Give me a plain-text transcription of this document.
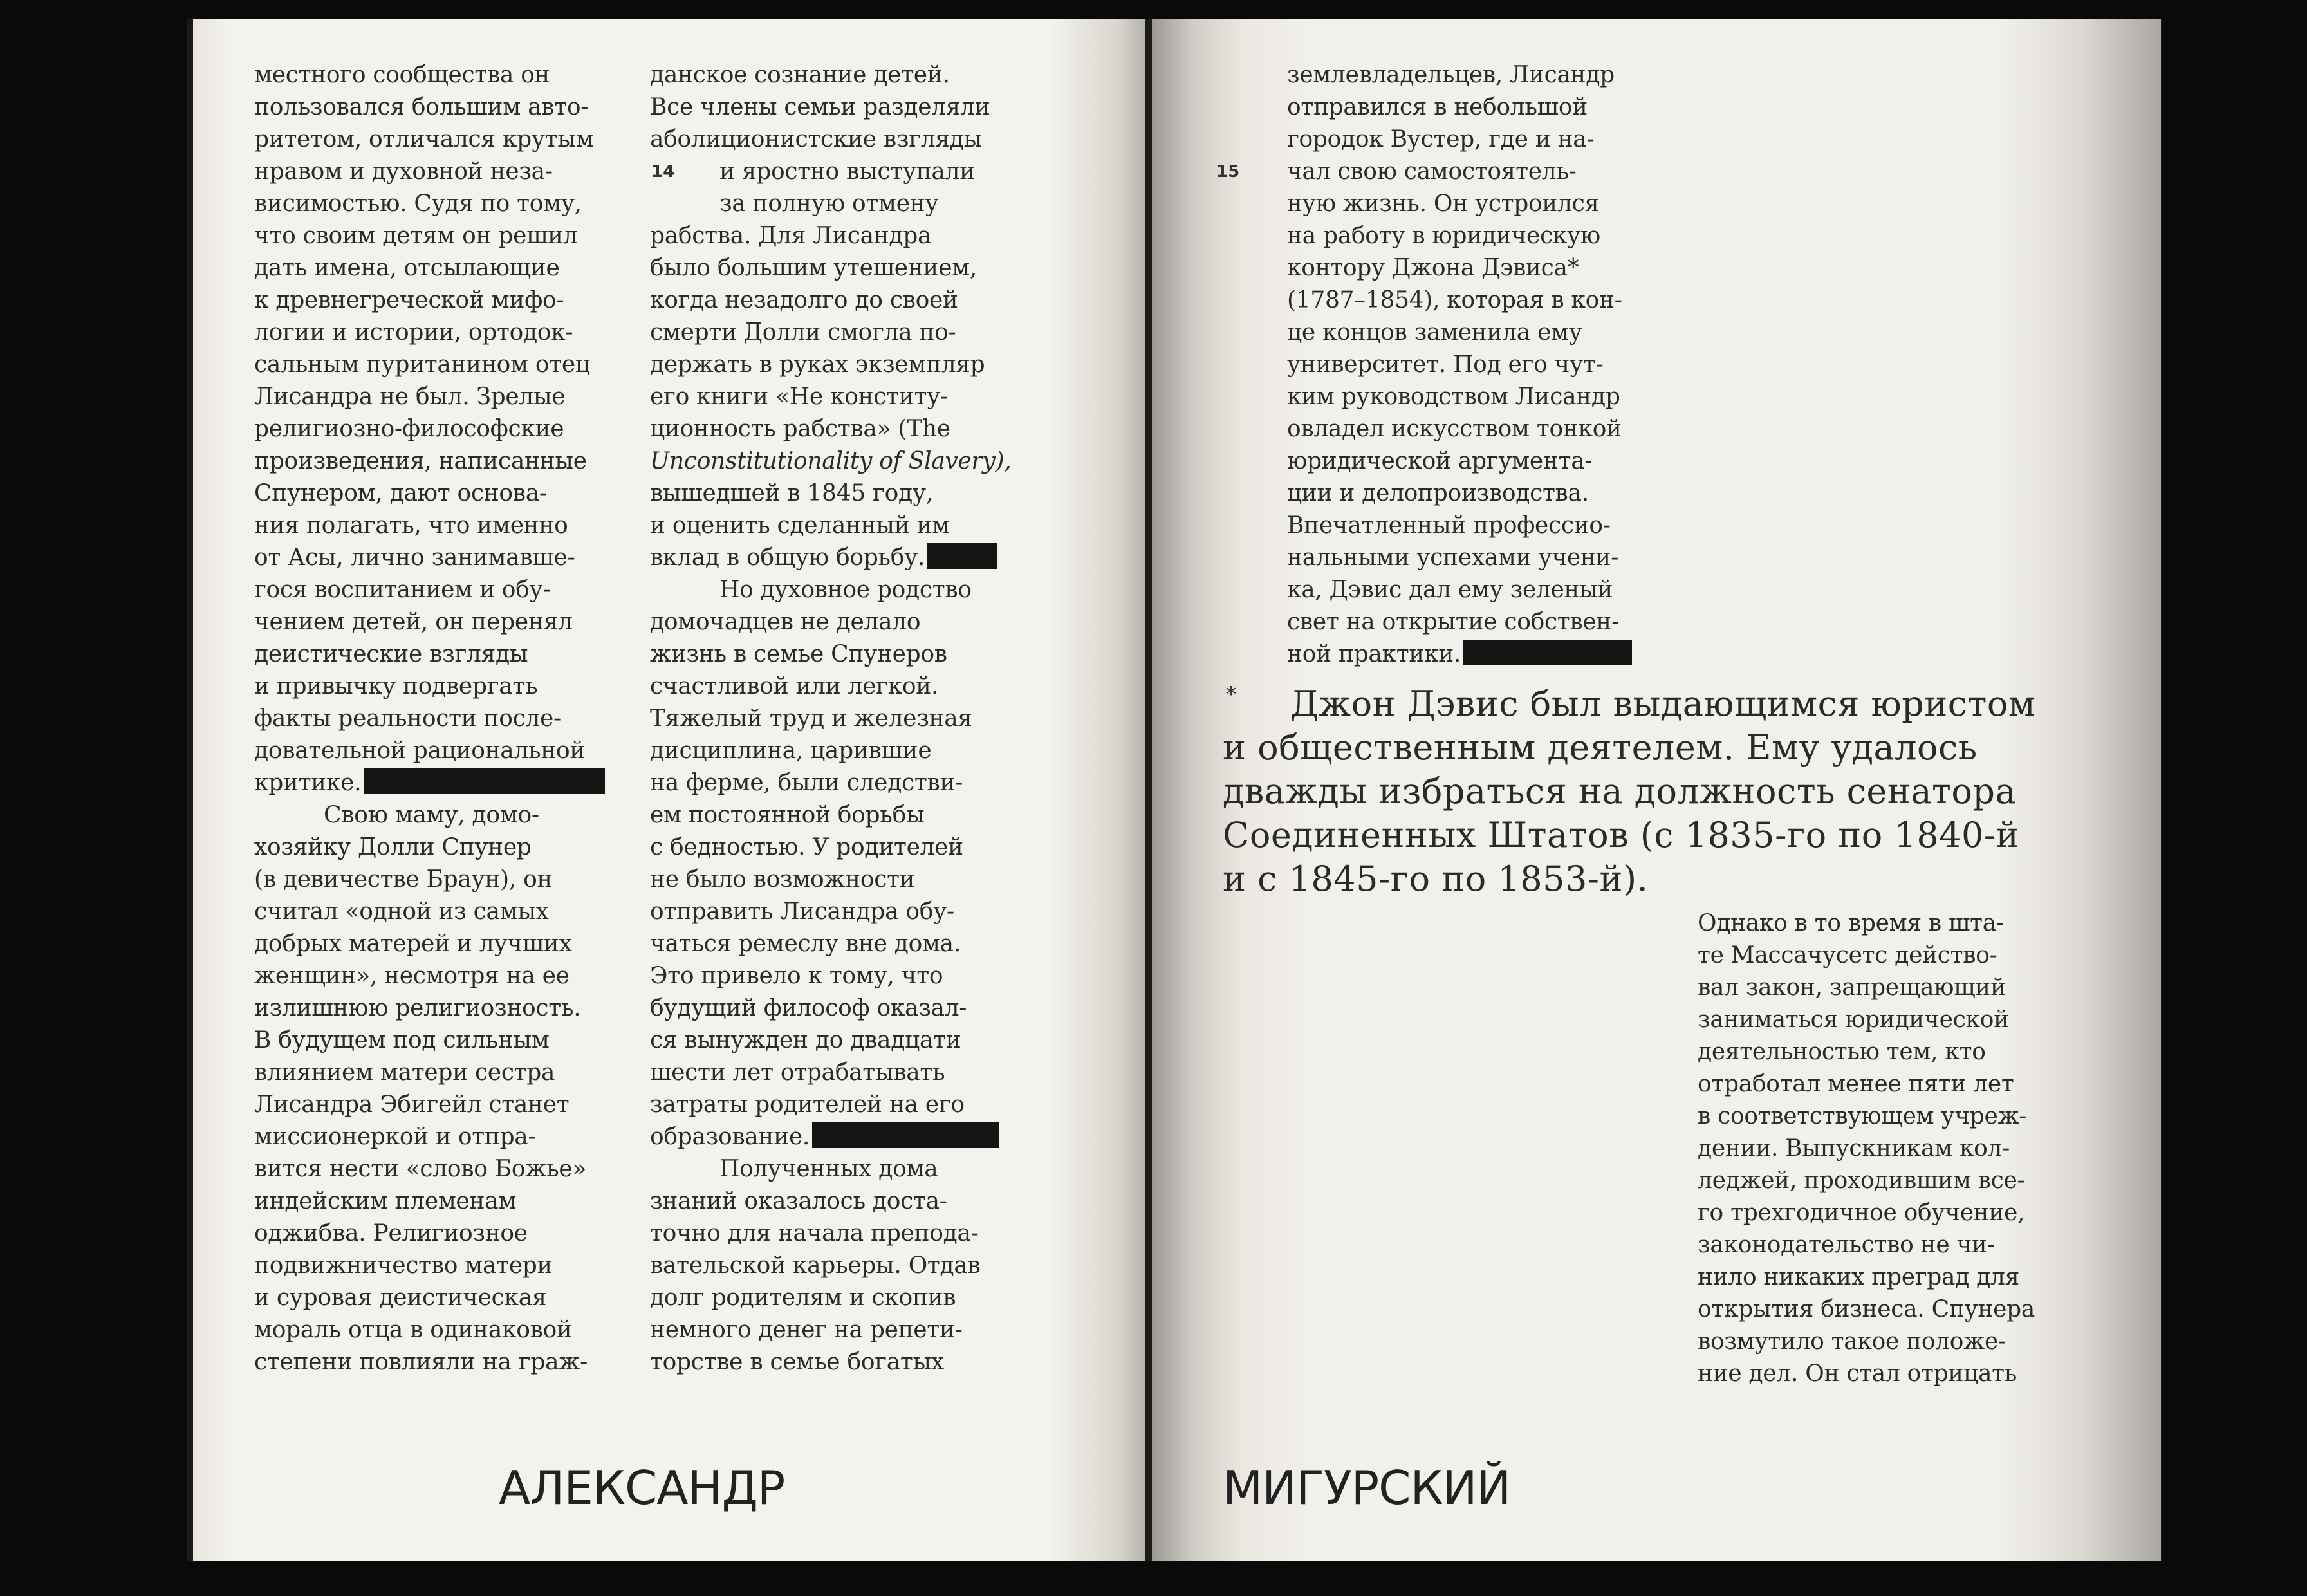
местного сообщества он
пользовался большим авто-
ритетом, отличался крутым
нравом и духовной неза-
висимостью. Судя по тому,
что своим детям он решил
дать имена, отсылающие
к древнегреческой мифо-
логии и истории, ортодок-
сальным пуританином отец
Лисандра не был. Зрелые
религиозно-философские
произведения, написанные
Спунером, дают основа-
ния полагать, что именно
от Асы, лично занимавше-
гося воспитанием и обу-
чением детей, он перенял
деистические взгляды
и привычку подвергать
факты реальности после-
довательной рациональной
критике.
Свою маму, домо-
хозяйку Долли Спунер
(в девичестве Браун), он
считал «одной из самых
добрых матерей и лучших
женщин», несмотря на ее
излишнюю религиозность.
В будущем под сильным
влиянием матери сестра
Лисандра Эбигейл станет
миссионеркой и отпра-
вится нести «слово Божье»
индейским племенам
оджибва. Религиозное
подвижничество матери
и суровая деистическая
мораль отца в одинаковой
степени повлияли на граж-
данское сознание детей.
Все члены семьи разделяли
аболиционистские взгляды
и яростно выступали
за полную отмену
рабства. Для Лисандра
было большим утешением,
когда незадолго до своей
смерти Долли смогла по-
держать в руках экземпляр
его книги «Не конститу-
ционность рабства» (The
Unconstitutionality of Slavery),
вышедшей в 1845 году,
и оценить сделанный им
вклад в общую борьбу.
Но духовное родство
домочадцев не делало
жизнь в семье Спунеров
счастливой или легкой.
Тяжелый труд и железная
дисциплина, царившие
на ферме, были следстви-
ем постоянной борьбы
с бедностью. У родителей
не было возможности
отправить Лисандра обу-
чаться ремеслу вне дома.
Это привело к тому, что
будущий философ оказал-
ся вынужден до двадцати
шести лет отрабатывать
затраты родителей на его
образование.
Полученных дома
знаний оказалось доста-
точно для начала препода-
вательской карьеры. Отдав
долг родителям и скопив
немного денег на репети-
торстве в семье богатых
14
АЛЕКСАНДР
15
землевладельцев, Лисандр
отправился в небольшой
городок Вустер, где и на-
чал свою самостоятель-
ную жизнь. Он устроился
на работу в юридическую
контору Джона Дэвиса*
(1787–1854), которая в кон-
це концов заменила ему
университет. Под его чут-
ким руководством Лисандр
овладел искусством тонкой
юридической аргумента-
ции и делопроизводства.
Впечатленный профессио-
нальными успехами учени-
ка, Дэвис дал ему зеленый
свет на открытие собствен-
ной практики.
Однако в то время в шта-
те Массачусетс действо-
вал закон, запрещающий
заниматься юридической
деятельностью тем, кто
отработал менее пяти лет
в соответствующем учреж-
дении. Выпускникам кол-
леджей, проходившим все-
го трехгодичное обучение,
законодательство не чи-
нило никаких преград для
открытия бизнеса. Спунера
возмутило такое положе-
ние дел. Он стал отрицать
МИГУРСКИЙ
*	Джон Дэвис был выдающимся юристом
и общественным деятелем. Ему удалось
дважды избраться на должность сенатора
Соединенных Штатов (с 1835-го по 1840-й
и с 1845-го по 1853-й).
